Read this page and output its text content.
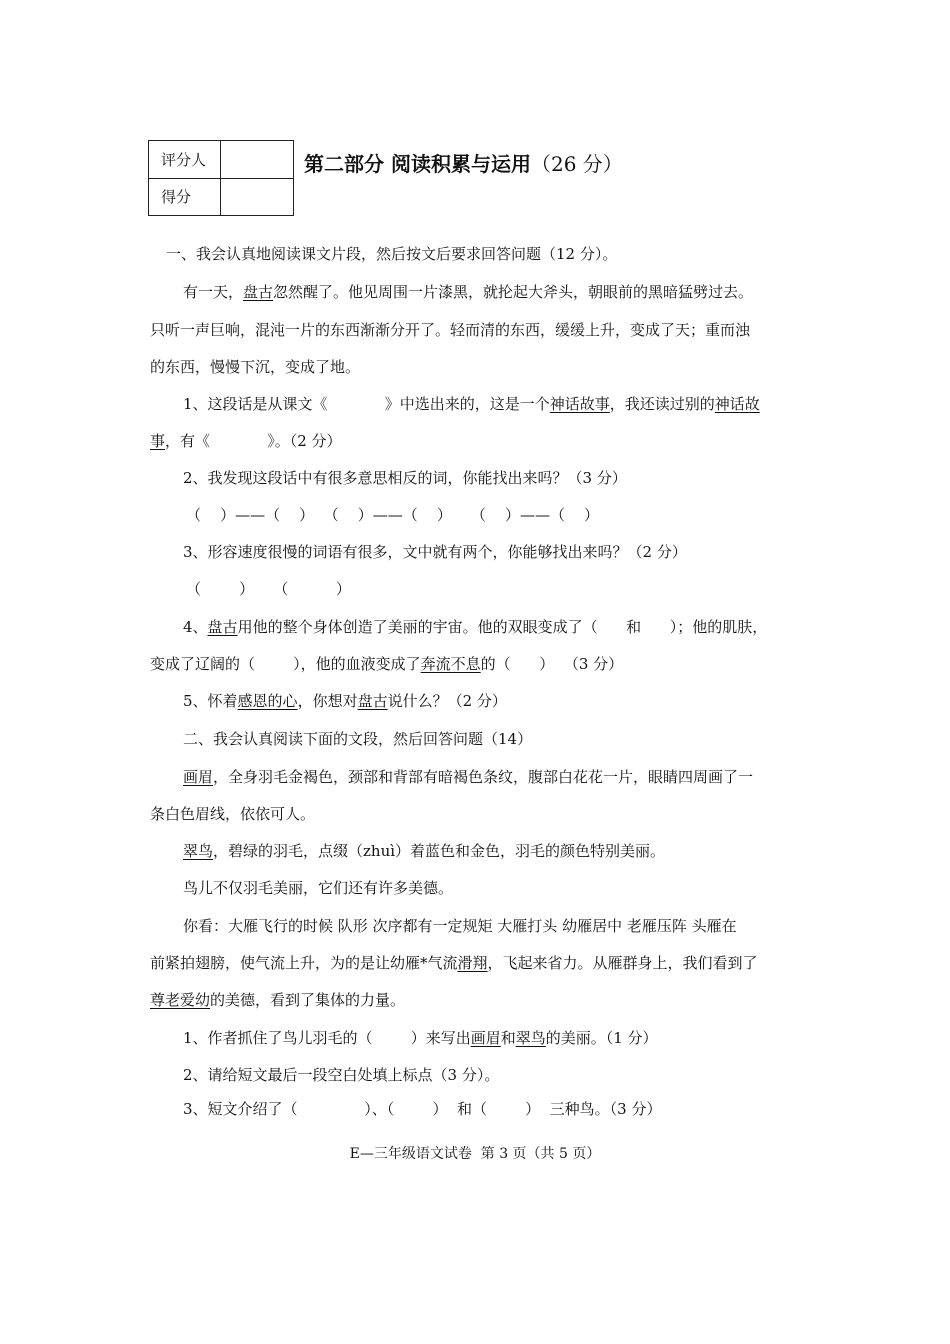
评分人	
得分	
第二部分 阅读积累与运用（26 分）
一、我会认真地阅读课文片段，然后按文后要求回答问题（12 分）。
有一天，盘古忽然醒了。他见周围一片漆黑，就抡起大斧头，朝眼前的黑暗猛劈过去。
只听一声巨响，混沌一片的东西渐渐分开了。轻而清的东西，缓缓上升，变成了天；重而浊
的东西，慢慢下沉，变成了地。
1、这段话是从课文《            》中选出来的，这是一个神话故事，我还读过别的神话故
事，有《            》。（2 分）
2、我发现这段话中有很多意思相反的词，你能找出来吗？（3 分）
（    ）——（    ）  （    ）——（    ）    （    ）——（    ）
3、形容速度很慢的词语有很多，文中就有两个，你能够找出来吗？（2 分）
（        ）    （          ）
4、盘古用他的整个身体创造了美丽的宇宙。他的双眼变成了（      和      ）；他的肌肤，
变成了辽阔的（        ），他的血液变成了奔流不息的（      ）  （3 分）
5、怀着感恩的心，你想对盘古说什么？（2 分）
二、我会认真阅读下面的文段，然后回答问题（14）
画眉，全身羽毛金褐色，颈部和背部有暗褐色条纹，腹部白花花一片，眼睛四周画了一
条白色眉线，依依可人。
翠鸟，碧绿的羽毛，点缀（zhuì）着蓝色和金色，羽毛的颜色特别美丽。
鸟儿不仅羽毛美丽，它们还有许多美德。
你看：大雁飞行的时候 队形 次序都有一定规矩 大雁打头 幼雁居中 老雁压阵 头雁在
前紧拍翅膀，使气流上升，为的是让幼雁*气流滑翔，飞起来省力。从雁群身上，我们看到了
尊老爱幼的美德，看到了集体的力量。
1、作者抓住了鸟儿羽毛的（        ）来写出画眉和翠鸟的美丽。（1 分）
2、请给短文最后一段空白处填上标点（3 分）。
3、短文介绍了（              ）、（        ）  和（        ）  三种鸟。（3 分）
E—三年级语文试卷  第 3 页（共 5 页）
